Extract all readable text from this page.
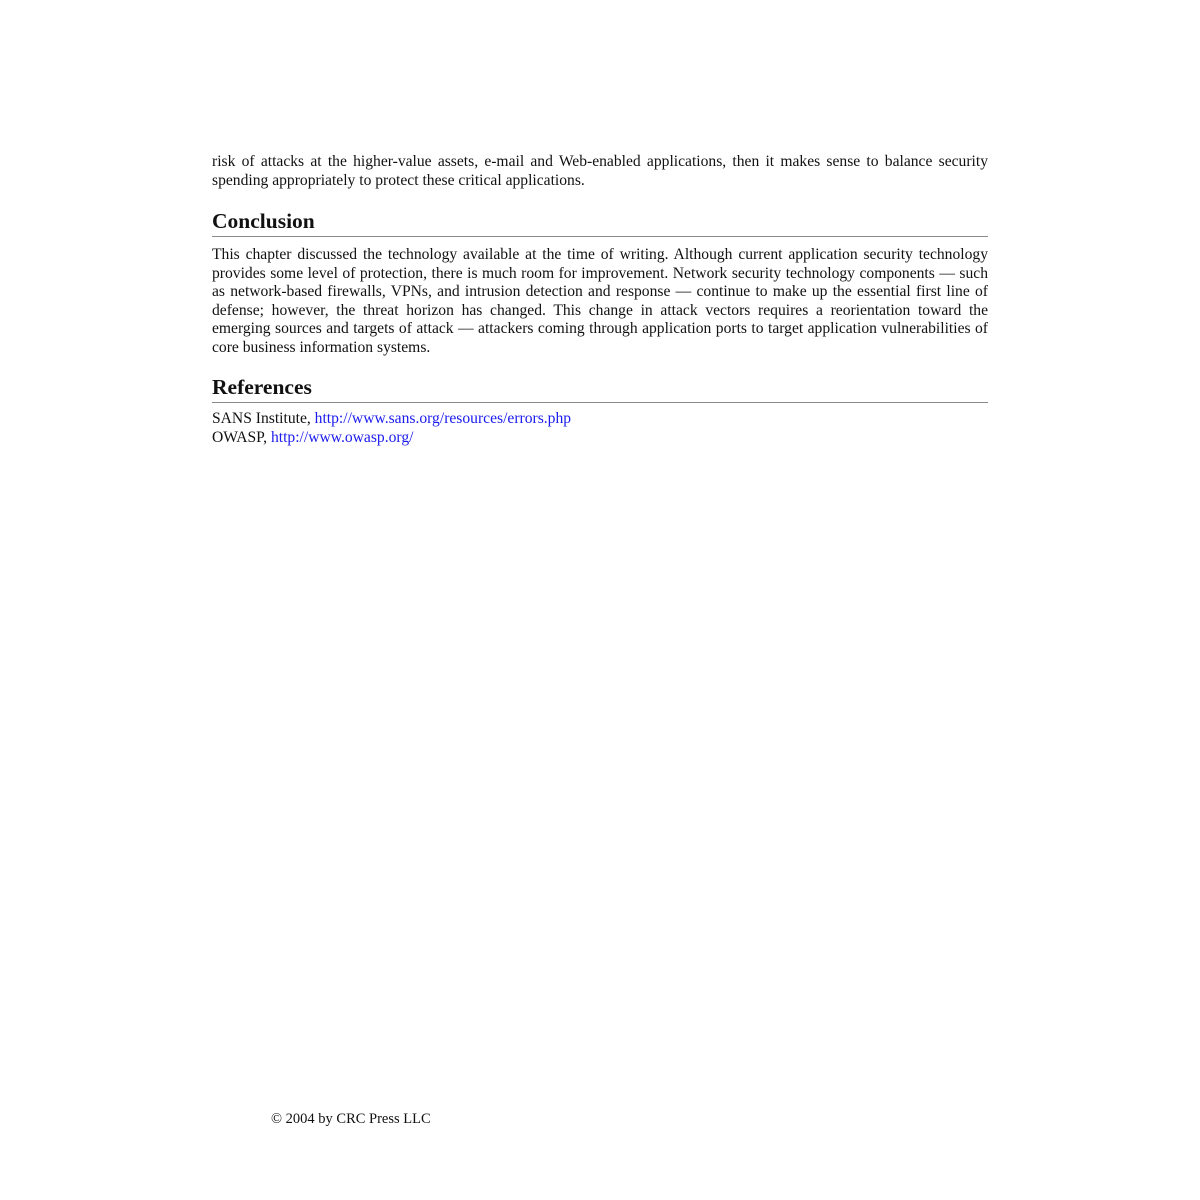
risk of attacks at the higher-value assets, e-mail and Web-enabled applications, then it makes sense to balance security spending appropriately to protect these critical applications.

Conclusion

This chapter discussed the technology available at the time of writing. Although current application security technology provides some level of protection, there is much room for improvement. Network security technology components — such as network-based firewalls, VPNs, and intrusion detection and response — continue to make up the essential first line of defense; however, the threat horizon has changed. This change in attack vectors requires a reorientation toward the emerging sources and targets of attack — attackers coming through application ports to target application vulnerabilities of core business information systems.

References
SANS Institute, http://www.sans.org/resources/errors.php
OWASP, http://www.owasp.org/
© 2004 by CRC Press LLC
